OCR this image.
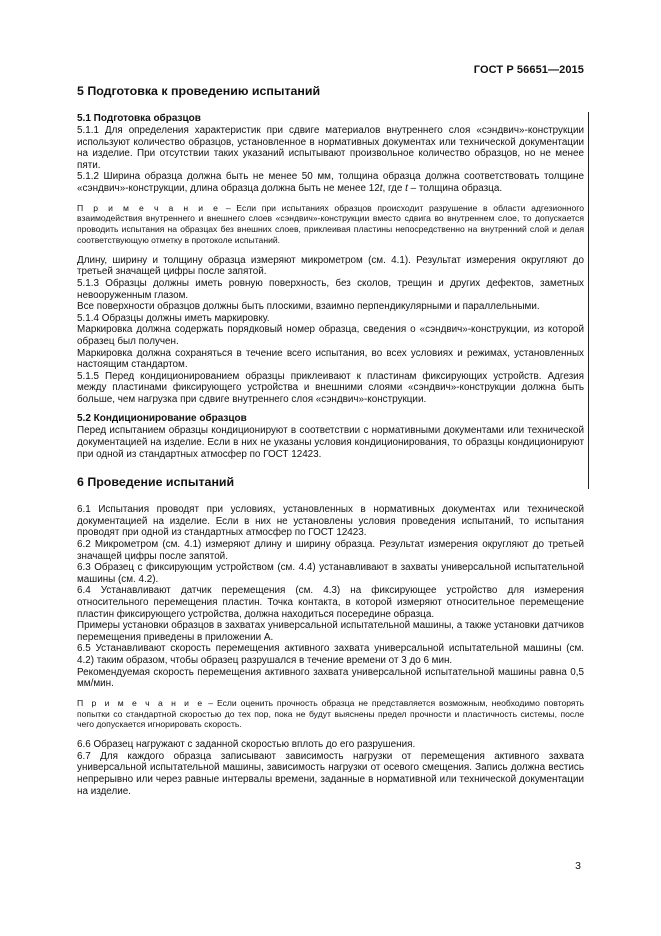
ГОСТ Р 56651—2015
5 Подготовка к проведению испытаний
5.1 Подготовка образцов

5.1.1 Для определения характеристик при сдвиге материалов внутреннего слоя «сэндвич»-конструкции используют количество образцов, установленное в нормативных документах или технической документации на изделие. При отсутствии таких указаний испытывают произвольное количество образцов, но не менее пяти.

5.1.2 Ширина образца должна быть не менее 50 мм, толщина образца должна соответствовать толщине «сэндвич»-конструкции, длина образца должна быть не менее 12t, где t – толщина образца.

П р и м е ч а н и е – Если при испытаниях образцов происходит разрушение в области адгезионного взаимодействия внутреннего и внешнего слоев «сэндвич»-конструкции вместо сдвига во внутреннем слое, то допускается проводить испытания на образцах без внешних слоев, приклеивая пластины непосредственно на внутренний слой и делая соответствующую отметку в протоколе испытаний.

Длину, ширину и толщину образца измеряют микрометром (см. 4.1). Результат измерения округляют до третьей значащей цифры после запятой.

5.1.3 Образцы должны иметь ровную поверхность, без сколов, трещин и других дефектов, заметных невооруженным глазом.

Все поверхности образцов должны быть плоскими, взаимно перпендикулярными и параллельными.

5.1.4 Образцы должны иметь маркировку.

Маркировка должна содержать порядковый номер образца, сведения о «сэндвич»-конструкции, из которой образец был получен.

Маркировка должна сохраняться в течение всего испытания, во всех условиях и режимах, установленных настоящим стандартом.

5.1.5 Перед кондиционированием образцы приклеивают к пластинам фиксирующих устройств. Адгезия между пластинами фиксирующего устройства и внешними слоями «сэндвич»-конструкции должна быть больше, чем нагрузка при сдвиге внутреннего слоя «сэндвич»-конструкции.

5.2 Кондиционирование образцов

Перед испытанием образцы кондиционируют в соответствии с нормативными документами или технической документацией на изделие. Если в них не указаны условия кондиционирования, то образцы кондиционируют при одной из стандартных атмосфер по ГОСТ 12423.

6 Проведение испытаний

6.1 Испытания проводят при условиях, установленных в нормативных документах или технической документацией на изделие. Если в них не установлены условия проведения испытаний, то испытания проводят при одной из стандартных атмосфер по ГОСТ 12423.

6.2 Микрометром (см. 4.1) измеряют длину и ширину образца. Результат измерения округляют до третьей значащей цифры после запятой.

6.3 Образец с фиксирующим устройством (см. 4.4) устанавливают в захваты универсальной испытательной машины (см. 4.2).

6.4 Устанавливают датчик перемещения (см. 4.3) на фиксирующее устройство для измерения относительного перемещения пластин. Точка контакта, в которой измеряют относительное перемещение пластин фиксирующего устройства, должна находиться посередине образца.

Примеры установки образцов в захватах универсальной испытательной машины, а также установки датчиков перемещения приведены в приложении А.

6.5 Устанавливают скорость перемещения активного захвата универсальной испытательной машины (см. 4.2) таким образом, чтобы образец разрушался в течение времени от 3 до 6 мин.

Рекомендуемая скорость перемещения активного захвата универсальной испытательной машины равна 0,5 мм/мин.

П р и м е ч а н и е – Если оценить прочность образца не представляется возможным, необходимо повторять попытки со стандартной скоростью до тех пор, пока не будут выяснены предел прочности и пластичность системы, после чего допускается игнорировать скорость.

6.6 Образец нагружают с заданной скоростью вплоть до его разрушения.

6.7 Для каждого образца записывают зависимость нагрузки от перемещения активного захвата универсальной испытательной машины, зависимость нагрузки от осевого смещения. Запись должна вестись непрерывно или через равные интервалы времени, заданные в нормативной или технической документации на изделие.

3
